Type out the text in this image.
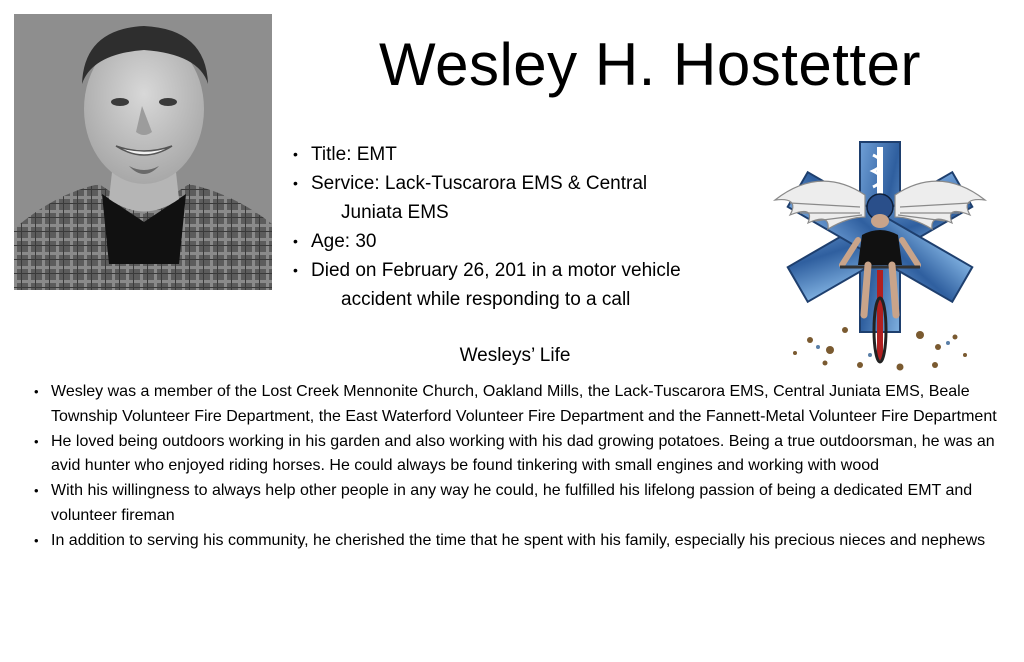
Wesley H. Hostetter
• Title: EMT
• Service: Lack-Tuscarora EMS & Central
Juniata EMS
• Age: 30
• Died on February 26, 201 in a motor vehicle
accident while responding to a call
Wesleys’ Life
• Wesley was a member of the Lost Creek Mennonite Church, Oakland Mills, the Lack-Tuscarora EMS, Central Juniata EMS, Beale Township Volunteer Fire Department, the East Waterford Volunteer Fire Department and the Fannett-Metal Volunteer Fire Department
• He loved being outdoors working in his garden and also working with his dad growing potatoes. Being a true outdoorsman, he was an avid hunter who enjoyed riding horses. He could always be found tinkering with small engines and working with wood
• With his willingness to always help other people in any way he could, he fulfilled his lifelong passion of being a dedicated EMT and volunteer fireman
• In addition to serving his community, he cherished the time that he spent with his family, especially his precious nieces and nephews
